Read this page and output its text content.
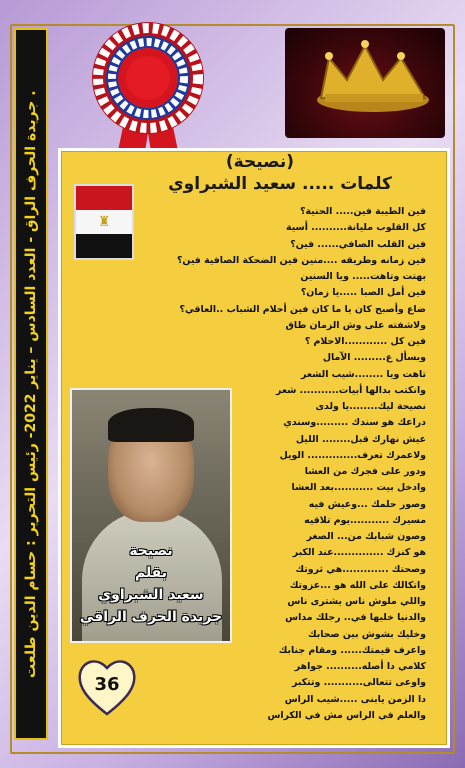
جريدة الحرف الراق - العدد السادس – يناير 2022- رئيس التحرير : حسام الدين طلعت .
(نصيحة)
كلمات ..... سعيد الشبراوي
♜
فين الطيبة فين..... الحنية؟
كل القلوب مليانة.......... أسية
فين القلب الصافي...... فين؟
فين زمانه وطريقه ....منين فين الضحكة الصافية فين؟
بهتت وتاهت..... ويا السنين
فين أمل الصبا .....يا زمان؟
ضاع وأصبح كان يا ما كان فين أحلام الشباب ..العاقي؟
ولاشفته على وش الزمان طاق
فين كل ............الاحلام ؟
وبسأل ع......... الآمال
تاهت ويا ........شيب الشعر
وانكتب بدالها أبيات........... شعر
نصيحة ليك........يا ولدى
دراعك هو سندك .........وسندي
عيش نهارك قبل........ الليل
ولاعمرك تعرف.............. الويل
ودور على فجرك من العشا
وادخل بيت ...........بعد العشا
وصور حلمك ...وعيش فيه
مسيرك ...........يوم تلاقيه
وصون شبابك من... الصغر
هو كنزك ..............عند الكبر
وصحتك .............هي ثروتك
واتكالك على الله هو ...عزوتك
واللي ملوش ناس يشترى ناس
والدنيا خليها في.. رجلك مداس
وخليك بشوش بين صحابك
واعرف قيمتك...... ومقام جنابك
كلامي دا أصله.......... جواهر
واوعى تتعالى........... وتتكبر
دا الزمن يابنى .....شيب الراس
والعلم في الراس مش في الكراس
نصيحة
بقلم
سعيد الشبراوي
جريدة الحرف الراقي
36
